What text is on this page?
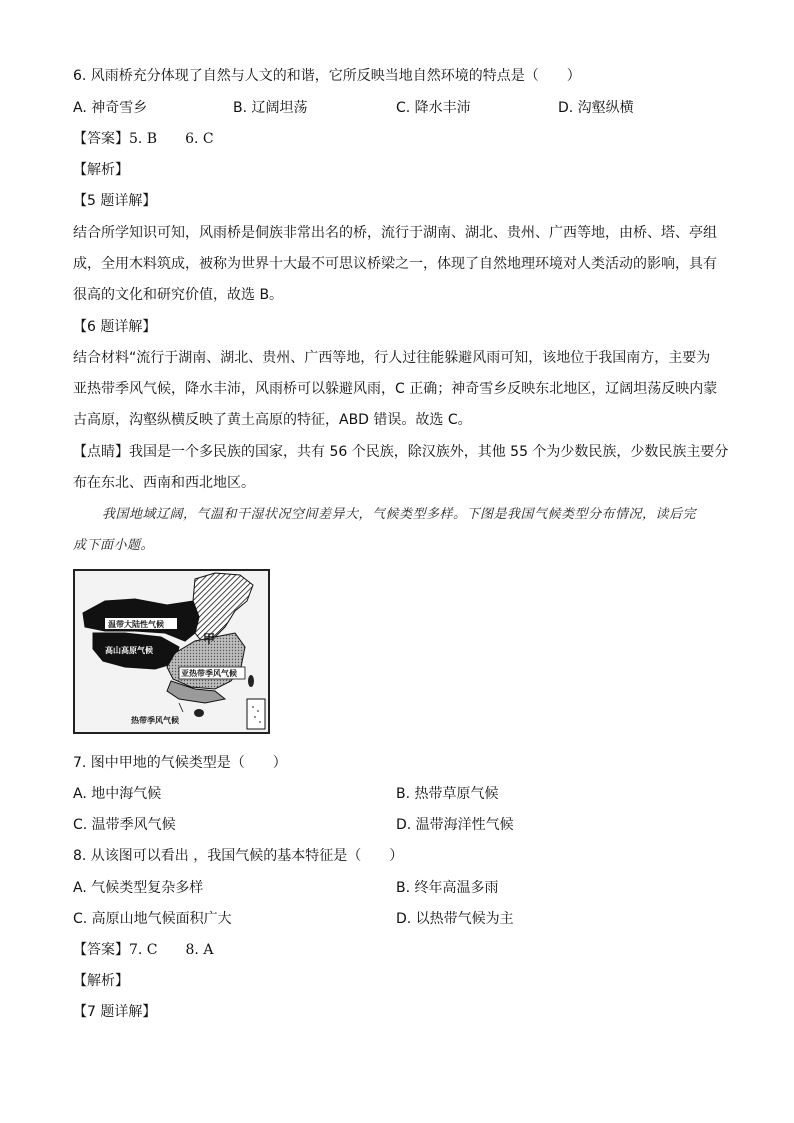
6. 风雨桥充分体现了自然与人文的和谐，它所反映当地自然环境的特点是（　　）
A. 神奇雪乡	B. 辽阔坦荡	C. 降水丰沛	D. 沟壑纵横
【答案】5. B　　6. C
【解析】
【5 题详解】
结合所学知识可知，风雨桥是侗族非常出名的桥，流行于湖南、湖北、贵州、广西等地，由桥、塔、亭组
成，全用木料筑成，被称为世界十大最不可思议桥梁之一，体现了自然地理环境对人类活动的影响，具有
很高的文化和研究价值，故选 B。
【6 题详解】
结合材料“流行于湖南、湖北、贵州、广西等地，行人过往能躲避风雨可知，该地位于我国南方，主要为
亚热带季风气候，降水丰沛，风雨桥可以躲避风雨，C 正确；神奇雪乡反映东北地区，辽阔坦荡反映内蒙
古高原，沟壑纵横反映了黄土高原的特征，ABD 错误。故选 C。
【点睛】我国是一个多民族的国家，共有 56 个民族，除汉族外，其他 55 个为少数民族，少数民族主要分
布在东北、西南和西北地区。
我国地域辽阔，气温和干湿状况空间差异大，气候类型多样。下图是我国气候类型分布情况，读后完
成下面小题。
温带大陆性气候
高山高原气候
甲
亚热带季风气候
热带季风气候
7. 图中甲地的气候类型是（　　）
A. 地中海气候	B. 热带草原气候
C. 温带季风气候	D. 温带海洋性气候
8. 从该图可以看出 ，我国气候的基本特征是（　　）
A. 气候类型复杂多样	B. 终年高温多雨
C. 高原山地气候面积广大	D. 以热带气候为主
【答案】7. C　　8. A
【解析】
【7 题详解】
